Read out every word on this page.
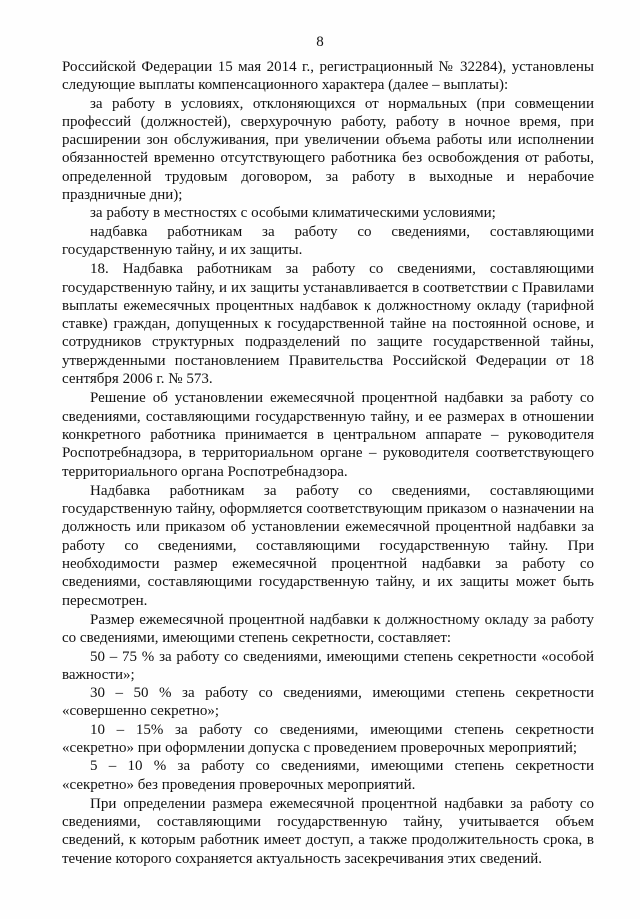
8

Российской Федерации 15 мая 2014 г., регистрационный № 32284), установлены следующие выплаты компенсационного характера (далее – выплаты):

за работу в условиях, отклоняющихся от нормальных (при совмещении профессий (должностей), сверхурочную работу, работу в ночное время, при расширении зон обслуживания, при увеличении объема работы или исполнении обязанностей временно отсутствующего работника без освобождения от работы, определенной трудовым договором, за работу в выходные и нерабочие праздничные дни);

за работу в местностях с особыми климатическими условиями;

надбавка работникам за работу со сведениями, составляющими государственную тайну, и их защиты.

18. Надбавка работникам за работу со сведениями, составляющими государственную тайну, и их защиты устанавливается в соответствии с Правилами выплаты ежемесячных процентных надбавок к должностному окладу (тарифной ставке) граждан, допущенных к государственной тайне на постоянной основе, и сотрудников структурных подразделений по защите государственной тайны, утвержденными постановлением Правительства Российской Федерации от 18 сентября 2006 г. № 573.

Решение об установлении ежемесячной процентной надбавки за работу со сведениями, составляющими государственную тайну, и ее размерах в отношении конкретного работника принимается в центральном аппарате – руководителя Роспотребнадзора, в территориальном органе – руководителя соответствующего территориального органа Роспотребнадзора.

Надбавка работникам за работу со сведениями, составляющими государственную тайну, оформляется соответствующим приказом о назначении на должность или приказом об установлении ежемесячной процентной надбавки за работу со сведениями, составляющими государственную тайну. При необходимости размер ежемесячной процентной надбавки за работу со сведениями, составляющими государственную тайну, и их защиты может быть пересмотрен.

Размер ежемесячной процентной надбавки к должностному окладу за работу со сведениями, имеющими степень секретности, составляет:

50 – 75 % за работу со сведениями, имеющими степень секретности «особой важности»;

30 – 50 % за работу со сведениями, имеющими степень секретности «совершенно секретно»;

10 – 15% за работу со сведениями, имеющими степень секретности «секретно» при оформлении допуска с проведением проверочных мероприятий;

5 – 10 % за работу со сведениями, имеющими степень секретности «секретно» без проведения проверочных мероприятий.

При определении размера ежемесячной процентной надбавки за работу со сведениями, составляющими государственную тайну, учитывается объем сведений, к которым работник имеет доступ, а также продолжительность срока, в течение которого сохраняется актуальность засекречивания этих сведений.
